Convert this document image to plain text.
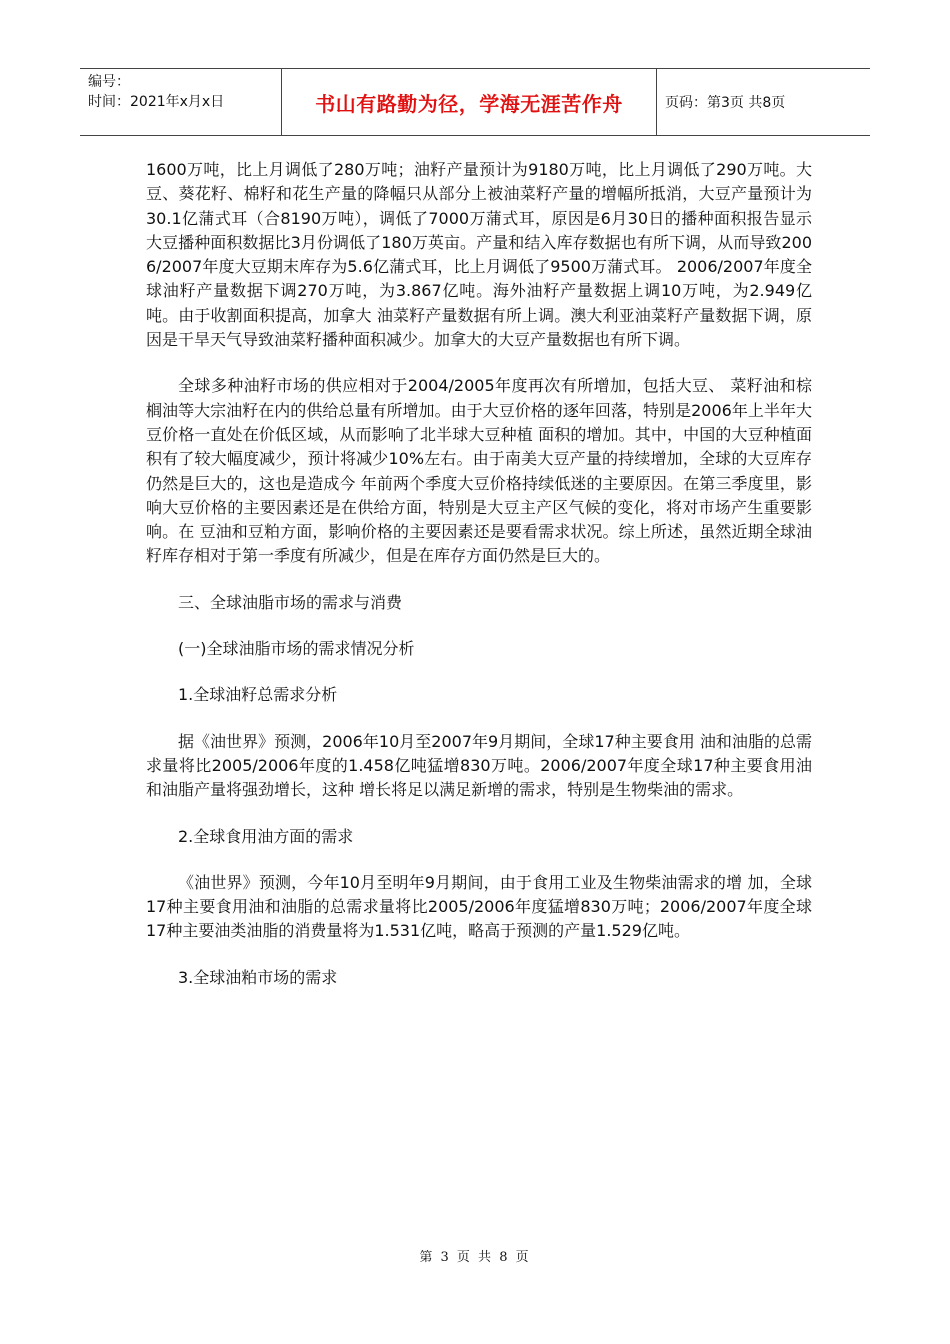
编号：
时间：2021年x月x日	书山有路勤为径，学海无涯苦作舟	页码：第3页 共8页

1600万吨，比上月调低了280万吨；油籽产量预计为9180万吨，比上月调低了290万吨。大豆、葵花籽、棉籽和花生产量的降幅只从部分上被油菜籽产量的增幅所抵消，大豆产量预计为30.1亿蒲式耳（合8190万吨），调低了7000万蒲式耳，原因是6月30日的播种面积报告显示大豆播种面积数据比3月份调低了180万英亩。产量和结入库存数据也有所下调，从而导致2006/2007年度大豆期末库存为5.6亿蒲式耳，比上月调低了9500万蒲式耳。 2006/2007年度全球油籽产量数据下调270万吨，为3.867亿吨。海外油籽产量数据上调10万吨，为2.949亿吨。由于收割面积提高，加拿大 油菜籽产量数据有所上调。澳大利亚油菜籽产量数据下调，原因是干旱天气导致油菜籽播种面积减少。加拿大的大豆产量数据也有所下调。

全球多种油籽市场的供应相对于2004/2005年度再次有所增加，包括大豆、 菜籽油和棕榈油等大宗油籽在内的供给总量有所增加。由于大豆价格的逐年回落，特别是2006年上半年大豆价格一直处在价低区域，从而影响了北半球大豆种植 面积的增加。其中，中国的大豆种植面积有了较大幅度减少，预计将减少10%左右。由于南美大豆产量的持续增加，全球的大豆库存仍然是巨大的，这也是造成今 年前两个季度大豆价格持续低迷的主要原因。在第三季度里，影响大豆价格的主要因素还是在供给方面，特别是大豆主产区气候的变化，将对市场产生重要影响。在 豆油和豆粕方面，影响价格的主要因素还是要看需求状况。综上所述，虽然近期全球油籽库存相对于第一季度有所减少，但是在库存方面仍然是巨大的。

三、全球油脂市场的需求与消费

(一)全球油脂市场的需求情况分析

1.全球油籽总需求分析

据《油世界》预测，2006年10月至2007年9月期间，全球17种主要食用 油和油脂的总需求量将比2005/2006年度的1.458亿吨猛增830万吨。2006/2007年度全球17种主要食用油和油脂产量将强劲增长，这种 增长将足以满足新增的需求，特别是生物柴油的需求。

2.全球食用油方面的需求

《油世界》预测，今年10月至明年9月期间，由于食用工业及生物柴油需求的增 加，全球17种主要食用油和油脂的总需求量将比2005/2006年度猛增830万吨；2006/2007年度全球17种主要油类油脂的消费量将为1.531亿吨，略高于预测的产量1.529亿吨。

3.全球油粕市场的需求

第 3 页 共 8 页
